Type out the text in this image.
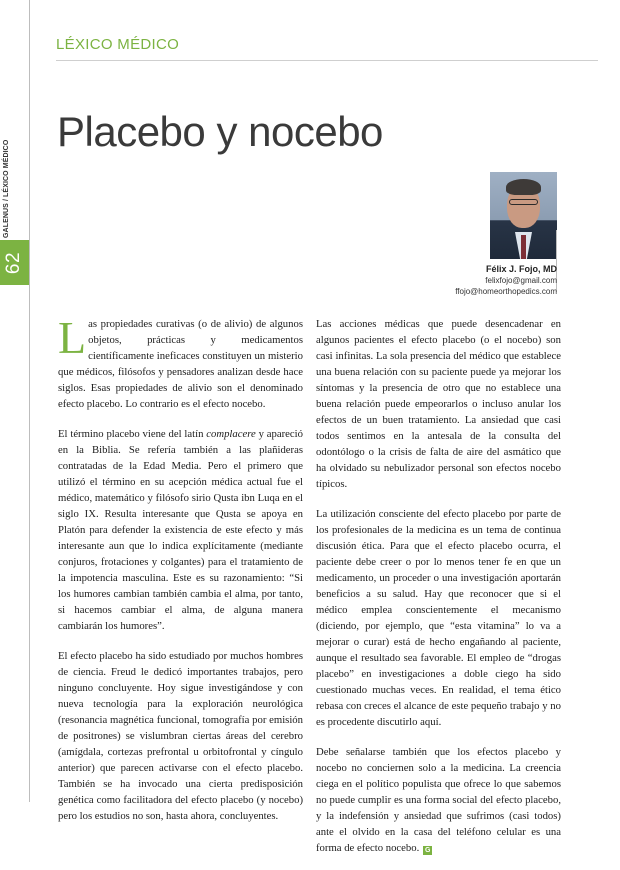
GALENUS / LÉXICO MÉDICO
62
LÉXICO MÉDICO
Placebo y nocebo
Félix J. Fojo, MD
felixfojo@gmail.com
ffojo@homeorthopedics.com

Las propiedades curativas (o de alivio) de algunos objetos, prácticas y medicamentos científicamente ineficaces constituyen un misterio que médicos, filósofos y pensadores analizan desde hace siglos. Esas propiedades de alivio son el denominado efecto placebo. Lo contrario es el efecto nocebo.

El término placebo viene del latín complacere y apareció en la Biblia. Se refería también a las plañideras contratadas de la Edad Media. Pero el primero que utilizó el término en su acepción médica actual fue el médico, matemático y filósofo sirio Qusta ibn Luqa en el siglo IX. Resulta interesante que Qusta se apoya en Platón para defender la existencia de este efecto y más interesante aun que lo indica explícitamente (mediante conjuros, frotaciones y colgantes) para el tratamiento de la impotencia masculina. Este es su razonamiento: “Si los humores cambian también cambia el alma, por tanto, si hacemos cambiar el alma, de alguna manera cambiarán los humores”.

El efecto placebo ha sido estudiado por muchos hombres de ciencia. Freud le dedicó importantes trabajos, pero ninguno concluyente. Hoy sigue investigándose y con nueva tecnología para la exploración neurológica (resonancia magnética funcional, tomografía por emisión de positrones) se vislumbran ciertas áreas del cerebro (amígdala, cortezas prefrontal u orbitofrontal y cíngulo anterior) que parecen activarse con el efecto placebo. También se ha invocado una cierta predisposición genética como facilitadora del efecto placebo (y nocebo) pero los estudios no son, hasta ahora, concluyentes.

Las acciones médicas que puede desencadenar en algunos pacientes el efecto placebo (o el nocebo) son casi infinitas. La sola presencia del médico que establece una buena relación con su paciente puede ya mejorar los síntomas y la presencia de otro que no establece una buena relación puede empeorarlos o incluso anular los efectos de un buen tratamiento. La ansiedad que casi todos sentimos en la antesala de la consulta del odontólogo o la crisis de falta de aire del asmático que ha olvidado su nebulizador personal son efectos nocebo típicos.

La utilización consciente del efecto placebo por parte de los profesionales de la medicina es un tema de continua discusión ética. Para que el efecto placebo ocurra, el paciente debe creer o por lo menos tener fe en que un medicamento, un proceder o una investigación aportarán beneficios a su salud. Hay que reconocer que si el médico emplea conscientemente el mecanismo (diciendo, por ejemplo, que “esta vitamina” lo va a mejorar o curar) está de hecho engañando al paciente, aunque el resultado sea favorable. El empleo de “drogas placebo” en investigaciones a doble ciego ha sido cuestionado muchas veces. En realidad, el tema ético rebasa con creces el alcance de este pequeño trabajo y no es procedente discutirlo aquí.

Debe señalarse también que los efectos placebo y nocebo no conciernen solo a la medicina. La creencia ciega en el político populista que ofrece lo que sabemos no puede cumplir es una forma social del efecto placebo, y la indefensión y ansiedad que sufrimos (casi todos) ante el olvido en la casa del teléfono celular es una forma de efecto nocebo. G
